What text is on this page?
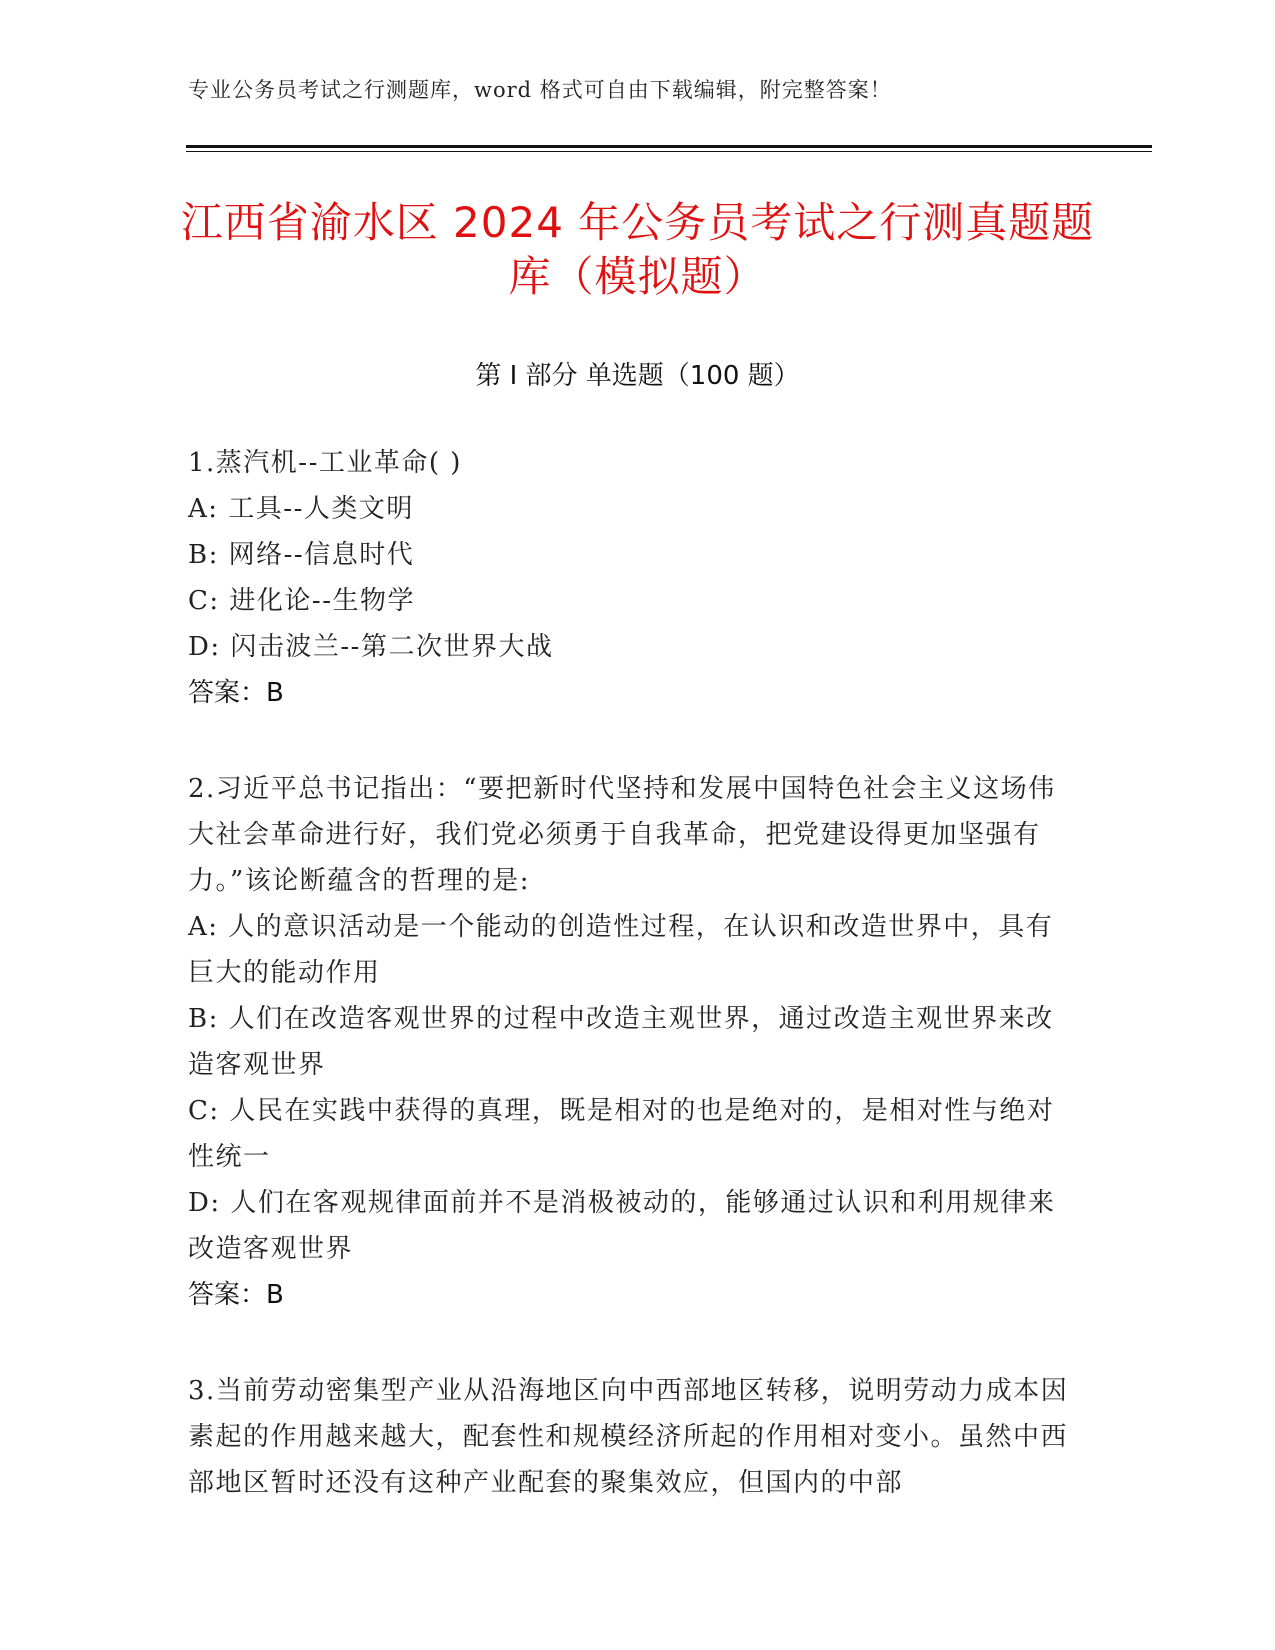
专业公务员考试之行测题库，word 格式可自由下载编辑，附完整答案！
江西省渝水区 2024 年公务员考试之行测真题题库（模拟题）
第 I 部分 单选题（100 题）
1.蒸汽机--工业革命( )
A: 工具--人类文明
B: 网络--信息时代
C: 进化论--生物学
D: 闪击波兰--第二次世界大战
答案：B
2.习近平总书记指出：“要把新时代坚持和发展中国特色社会主义这场伟大社会革命进行好，我们党必须勇于自我革命，把党建设得更加坚强有力。”该论断蕴含的哲理的是:
A: 人的意识活动是一个能动的创造性过程，在认识和改造世界中，具有巨大的能动作用
B: 人们在改造客观世界的过程中改造主观世界，通过改造主观世界来改造客观世界
C: 人民在实践中获得的真理，既是相对的也是绝对的，是相对性与绝对性统一
D: 人们在客观规律面前并不是消极被动的，能够通过认识和利用规律来改造客观世界
答案：B
3.当前劳动密集型产业从沿海地区向中西部地区转移，说明劳动力成本因素起的作用越来越大，配套性和规模经济所起的作用相对变小。虽然中西部地区暂时还没有这种产业配套的聚集效应，但国内的中部
